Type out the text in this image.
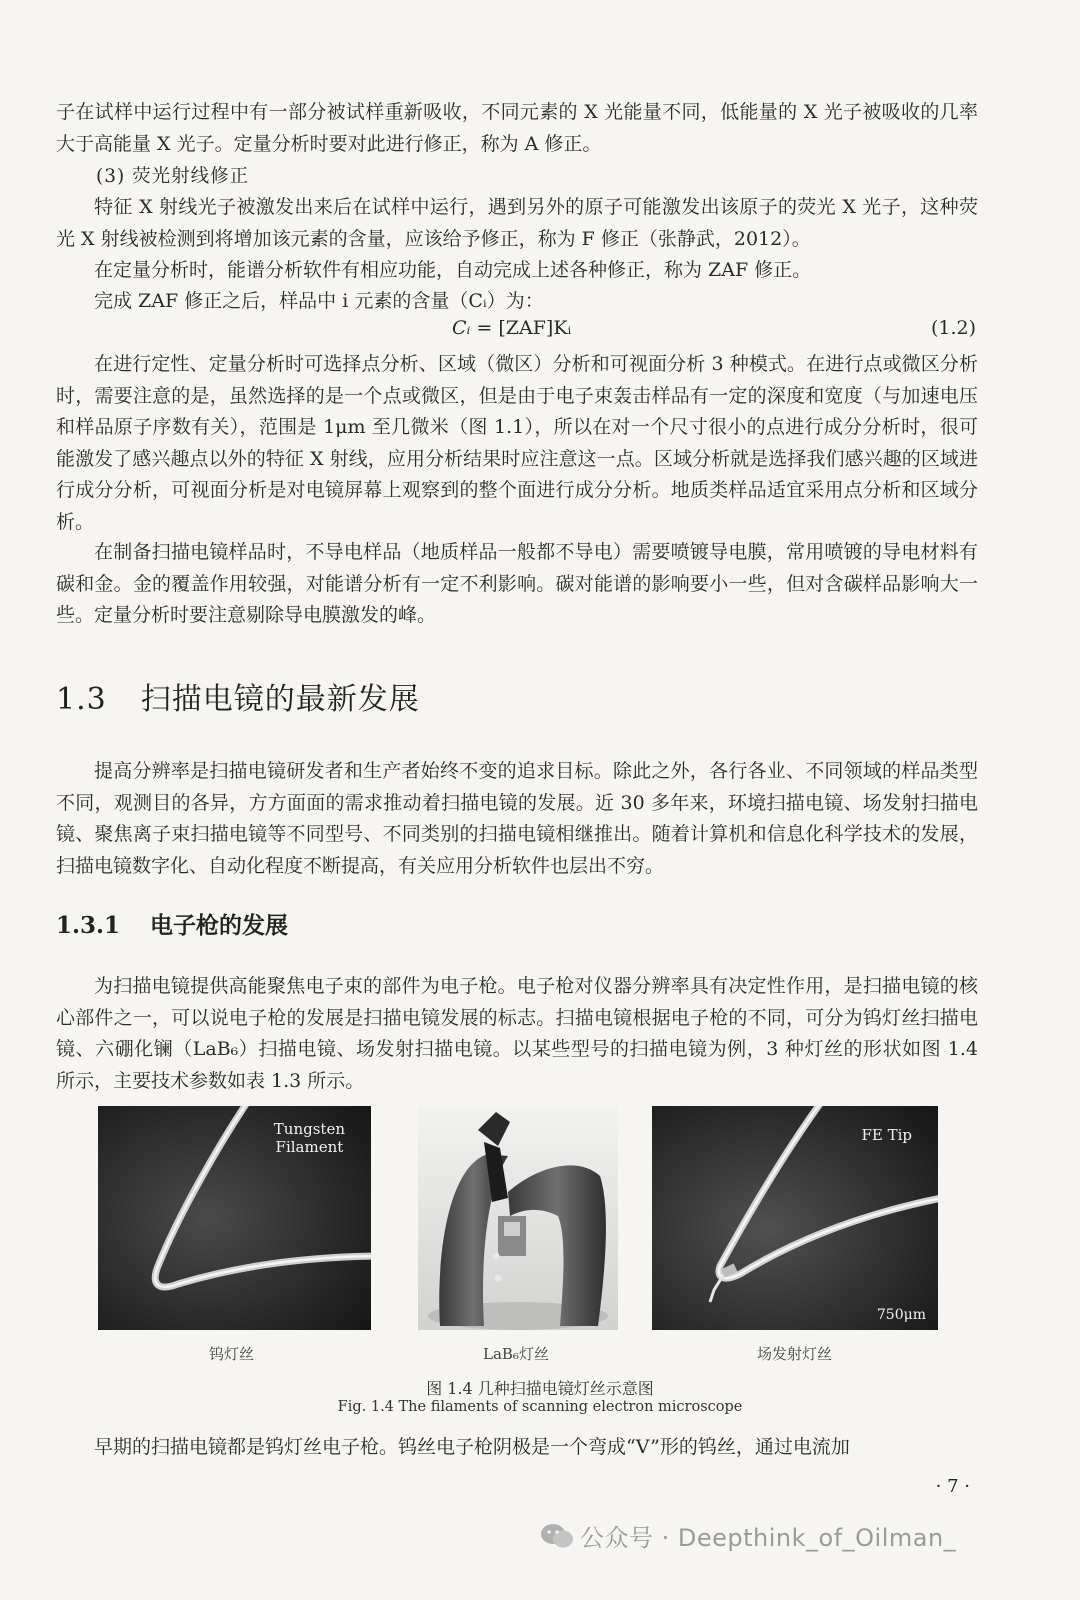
子在试样中运行过程中有一部分被试样重新吸收，不同元素的 X 光能量不同，低能量的 X 光子被吸收的几率大于高能量 X 光子。定量分析时要对此进行修正，称为 A 修正。

(3) 荧光射线修正

特征 X 射线光子被激发出来后在试样中运行，遇到另外的原子可能激发出该原子的荧光 X 光子，这种荧光 X 射线被检测到将增加该元素的含量，应该给予修正，称为 F 修正（张静武，2012）。

在定量分析时，能谱分析软件有相应功能，自动完成上述各种修正，称为 ZAF 修正。

完成 ZAF 修正之后，样品中 i 元素的含量（Cᵢ）为：

Cᵢ = [ZAF]Kᵢ	(1.2)

在进行定性、定量分析时可选择点分析、区域（微区）分析和可视面分析 3 种模式。在进行点或微区分析时，需要注意的是，虽然选择的是一个点或微区，但是由于电子束轰击样品有一定的深度和宽度（与加速电压和样品原子序数有关），范围是 1μm 至几微米（图 1.1），所以在对一个尺寸很小的点进行成分分析时，很可能激发了感兴趣点以外的特征 X 射线，应用分析结果时应注意这一点。区域分析就是选择我们感兴趣的区域进行成分分析，可视面分析是对电镜屏幕上观察到的整个面进行成分分析。地质类样品适宜采用点分析和区域分析。

在制备扫描电镜样品时，不导电样品（地质样品一般都不导电）需要喷镀导电膜，常用喷镀的导电材料有碳和金。金的覆盖作用较强，对能谱分析有一定不利影响。碳对能谱的影响要小一些，但对含碳样品影响大一些。定量分析时要注意剔除导电膜激发的峰。

1.3 扫描电镜的最新发展

提高分辨率是扫描电镜研发者和生产者始终不变的追求目标。除此之外，各行各业、不同领域的样品类型不同，观测目的各异，方方面面的需求推动着扫描电镜的发展。近 30 多年来，环境扫描电镜、场发射扫描电镜、聚焦离子束扫描电镜等不同型号、不同类别的扫描电镜相继推出。随着计算机和信息化科学技术的发展，扫描电镜数字化、自动化程度不断提高，有关应用分析软件也层出不穷。

1.3.1 电子枪的发展

为扫描电镜提供高能聚焦电子束的部件为电子枪。电子枪对仪器分辨率具有决定性作用，是扫描电镜的核心部件之一，可以说电子枪的发展是扫描电镜发展的标志。扫描电镜根据电子枪的不同，可分为钨灯丝扫描电镜、六硼化镧（LaB₆）扫描电镜、场发射扫描电镜。以某些型号的扫描电镜为例，3 种灯丝的形状如图 1.4 所示，主要技术参数如表 1.3 所示。

Tungsten
Filament
FE Tip
750μm
钨灯丝	LaB₆灯丝	场发射灯丝
图 1.4 几种扫描电镜灯丝示意图
Fig. 1.4 The filaments of scanning electron microscope

早期的扫描电镜都是钨灯丝电子枪。钨丝电子枪阴极是一个弯成“V”形的钨丝，通过电流加

· 7 ·
公众号 · Deepthink_of_Oilman_
